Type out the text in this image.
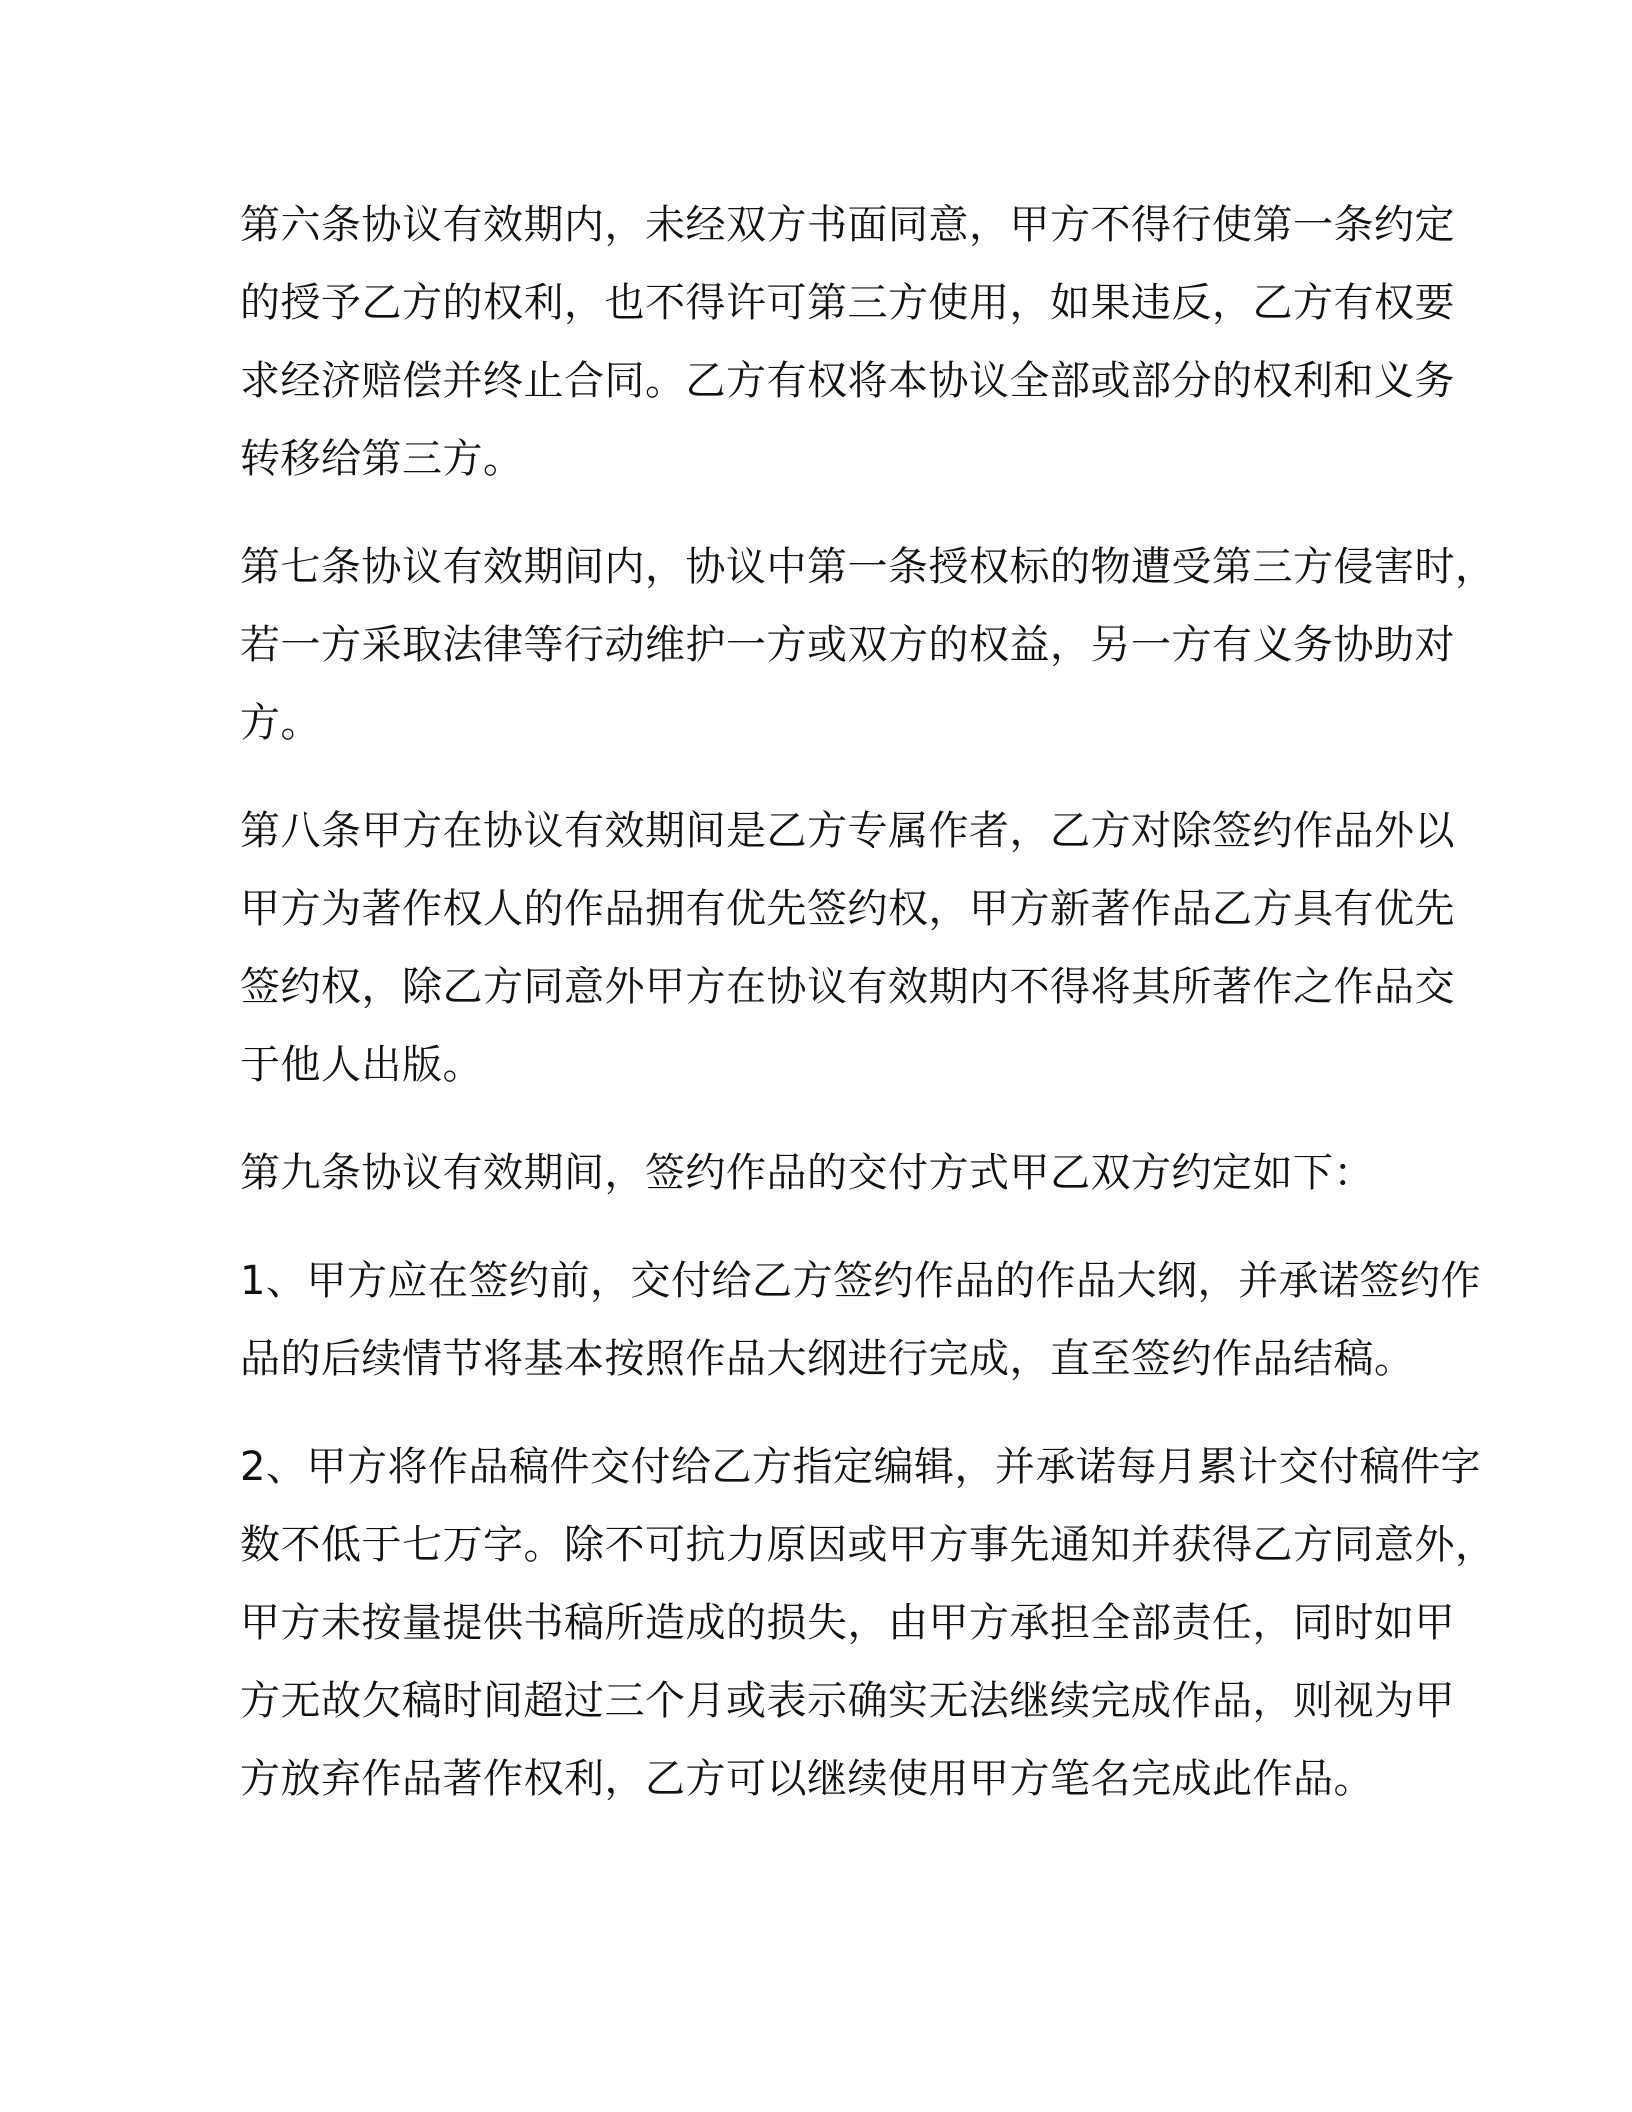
第六条协议有效期内，未经双方书面同意，甲方不得行使第一条约定
的授予乙方的权利，也不得许可第三方使用，如果违反，乙方有权要
求经济赔偿并终止合同。乙方有权将本协议全部或部分的权利和义务
转移给第三方。
第七条协议有效期间内，协议中第一条授权标的物遭受第三方侵害时，
若一方采取法律等行动维护一方或双方的权益，另一方有义务协助对
方。
第八条甲方在协议有效期间是乙方专属作者，乙方对除签约作品外以
甲方为著作权人的作品拥有优先签约权，甲方新著作品乙方具有优先
签约权，除乙方同意外甲方在协议有效期内不得将其所著作之作品交
于他人出版。
第九条协议有效期间，签约作品的交付方式甲乙双方约定如下：
1、甲方应在签约前，交付给乙方签约作品的作品大纲，并承诺签约作
品的后续情节将基本按照作品大纲进行完成，直至签约作品结稿。
2、甲方将作品稿件交付给乙方指定编辑，并承诺每月累计交付稿件字
数不低于七万字。除不可抗力原因或甲方事先通知并获得乙方同意外，
甲方未按量提供书稿所造成的损失，由甲方承担全部责任，同时如甲
方无故欠稿时间超过三个月或表示确实无法继续完成作品，则视为甲
方放弃作品著作权利，乙方可以继续使用甲方笔名完成此作品。
